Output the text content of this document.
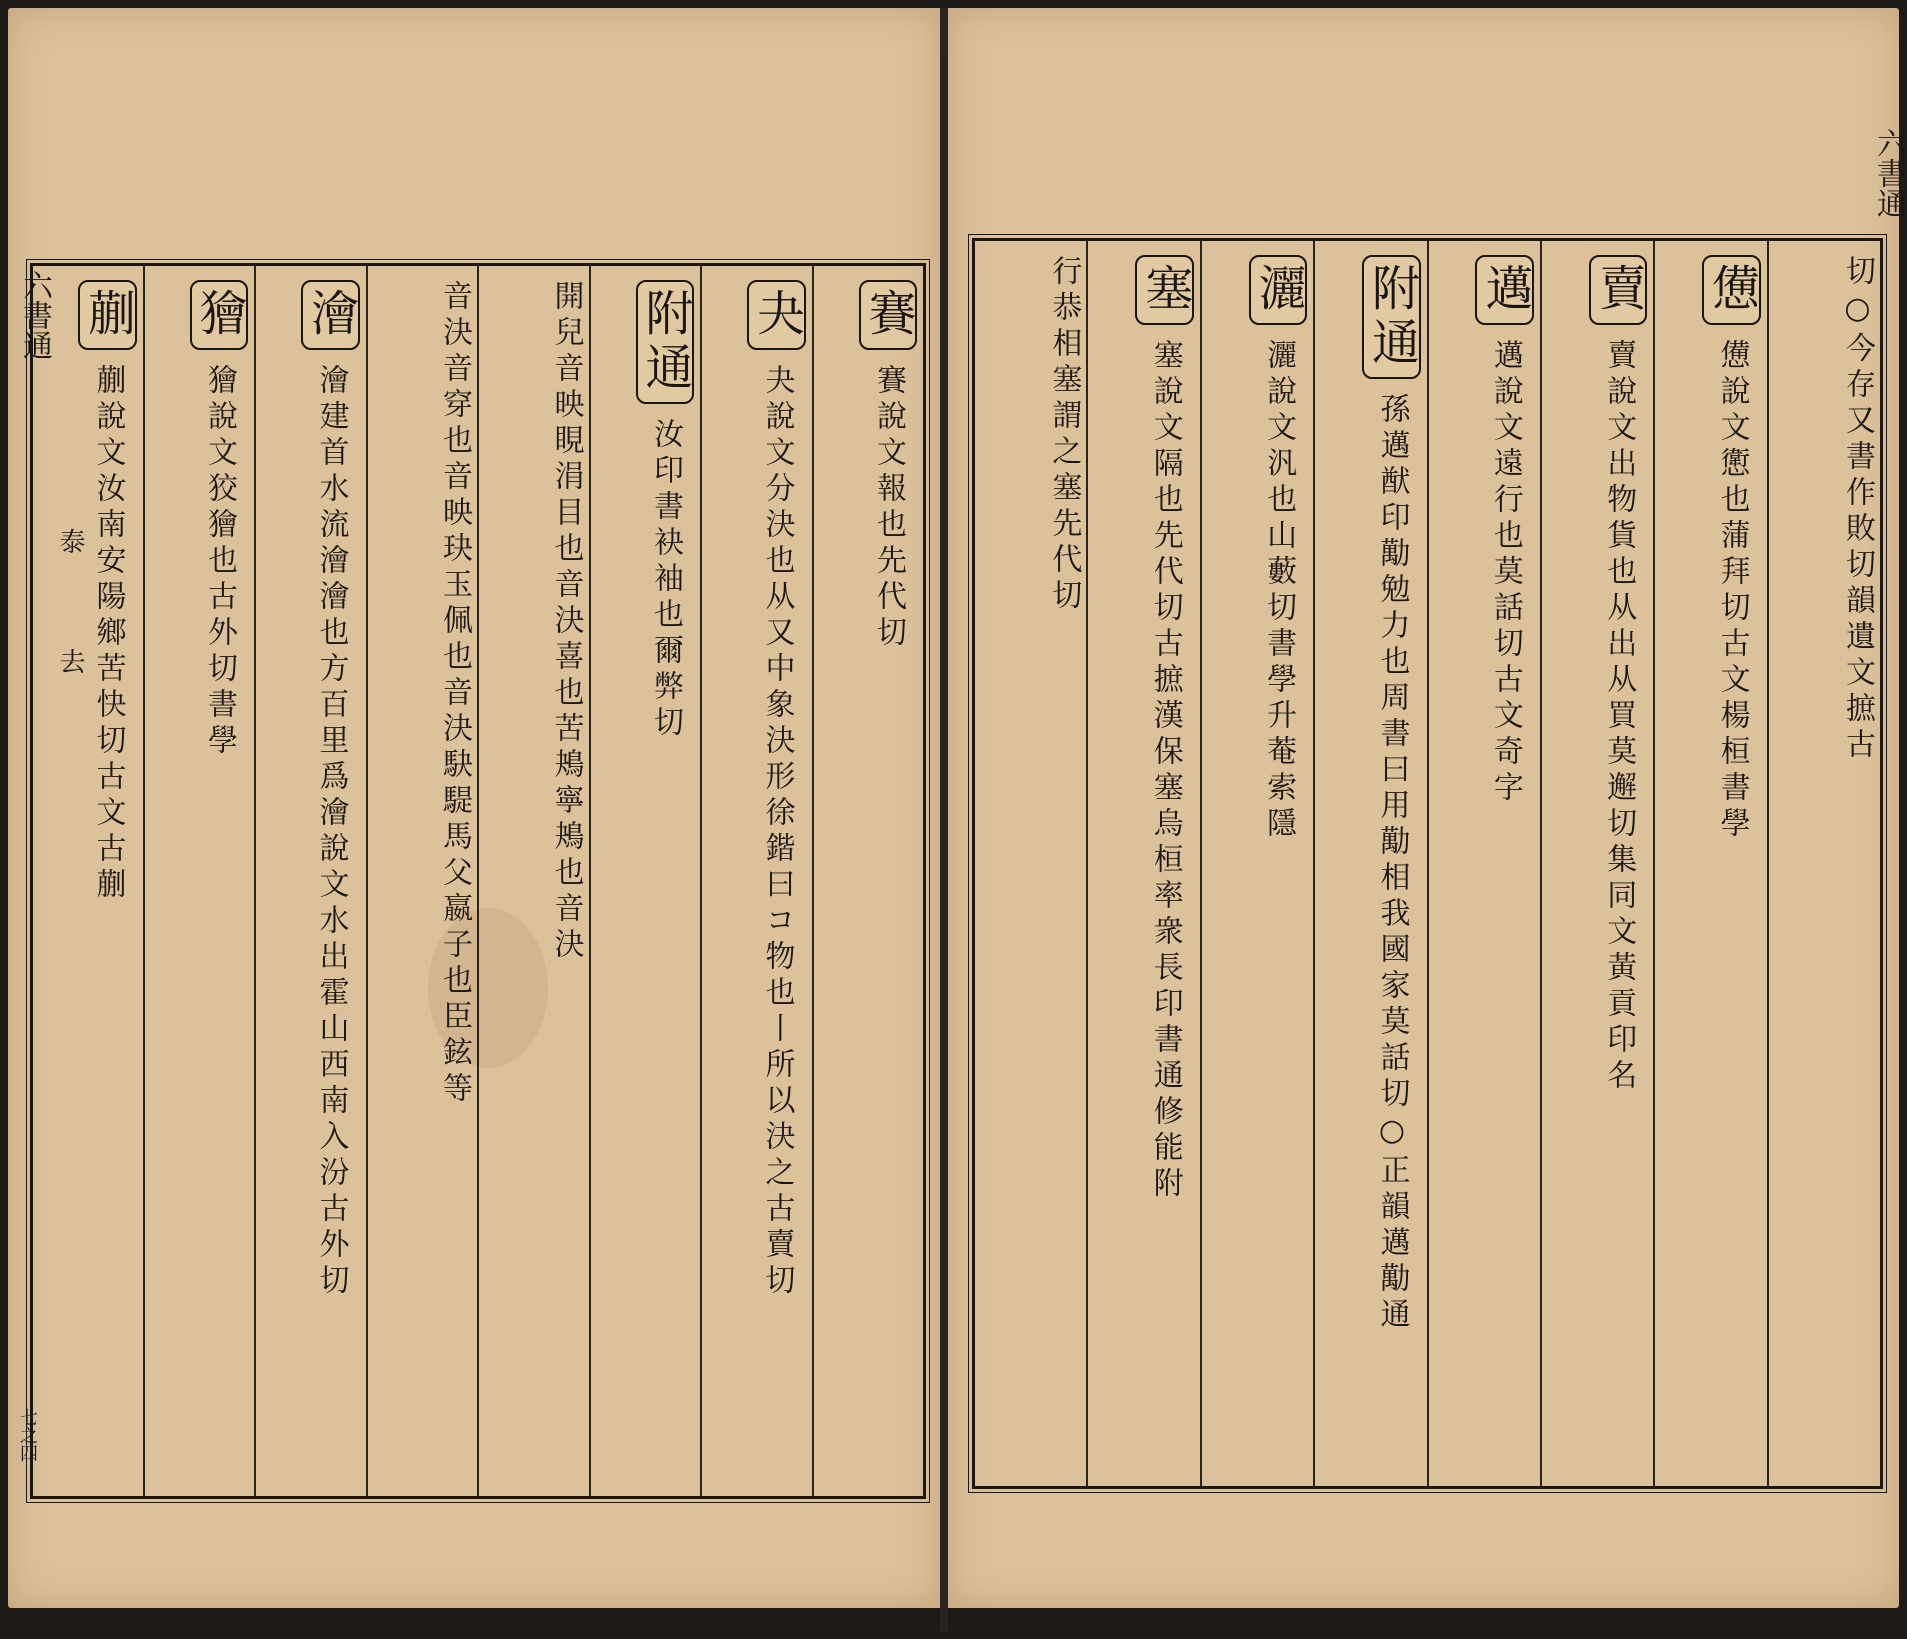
賽賽說文報也先代切
夬夬說文分決也从又中象決形徐鍇曰コ物也丨所以決之古賣切
附通汝印書袂袖也爾弊切
開兒音映睍涓目也音決喜也苦鴂寧鴂也音決
音決音穿也音映玦玉佩也音決駃騠馬父嬴子也臣鉉等
澮澮建首水流澮澮也方百里爲澮說文水出霍山西南入汾古外切
獪獪說文狡獪也古外切書學
蒯蒯說文汝南安陽鄉苦快切古文古蒯
六書通
泰
去
七之四
切○今存又書作敗切韻遺文摭古
憊憊說文㦣也蒲拜切古文楊桓書學
賣賣說文出物貨也从出从買莫邂切集同文黃貢印名
邁邁說文遠行也莫話切古文奇字
附通孫邁猷印勱勉力也周書曰用勱相我國家莫話切○正韻邁勱通
灑灑說文汎也山藪切書學升菴索隱
塞塞說文隔也先代切古摭漢保塞烏桓率衆長印書通修能附
行恭相塞謂之塞先代切
六書通
